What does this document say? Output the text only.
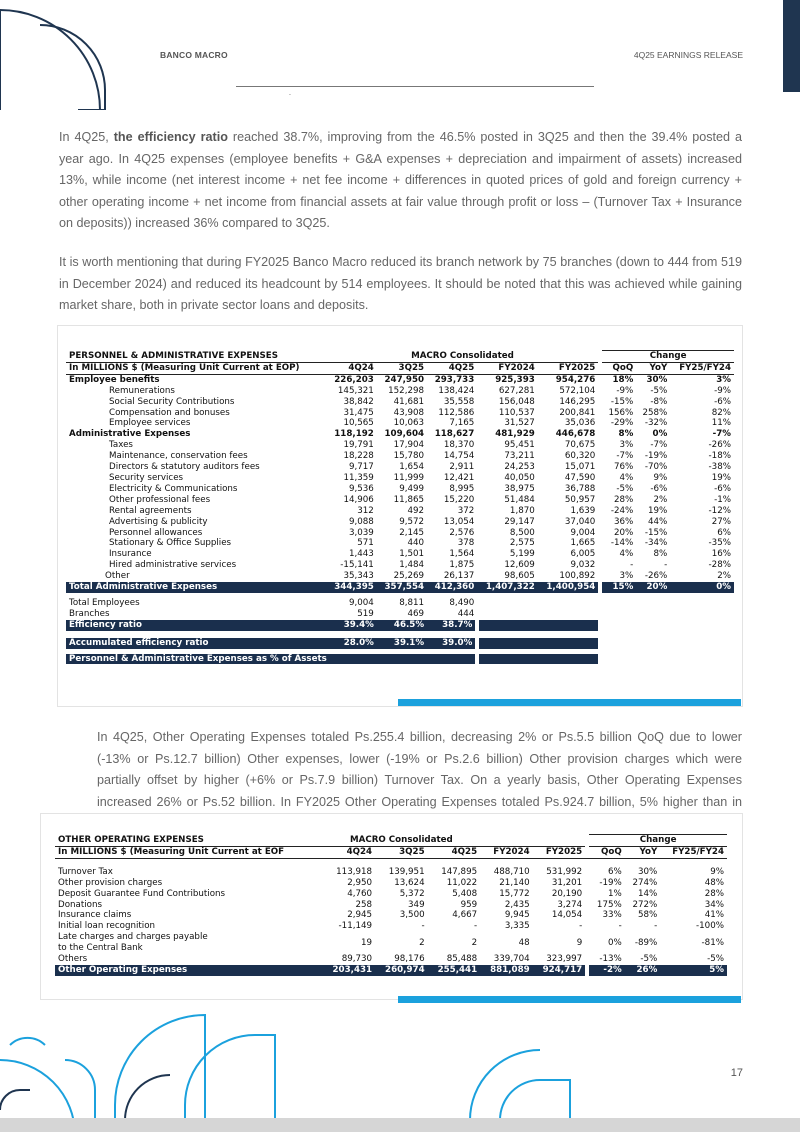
BANCO MACRO	4Q25 EARNINGS RELEASE
.
In 4Q25, the efficiency ratio reached 38.7%, improving from the 46.5% posted in 3Q25 and then the 39.4% posted a year ago. In 4Q25 expenses (employee benefits + G&A expenses + depreciation and impairment of assets) increased 13%, while income (net interest income + net fee income + differences in quoted prices of gold and foreign currency + other operating income + net income from financial assets at fair value through profit or loss – (Turnover Tax + Insurance on deposits)) increased 36% compared to 3Q25.
It is worth mentioning that during FY2025 Banco Macro reduced its branch network by 75 branches (down to 444 from 519 in December 2024) and reduced its headcount by 514 employees. It should be noted that this was achieved while gaining market share, both in private sector loans and deposits.
PERSONNEL & ADMINISTRATIVE EXPENSES	MACRO Consolidated						Change		
In MILLIONS $ (Measuring Unit Current at EOP)	4Q24	3Q25	4Q25	FY2024	FY2025		QoQ	YoY	FY25/FY24
Employee benefits	226,203	247,950	293,733	925,393	954,276		18%	30%	3%
Remunerations	145,321	152,298	138,424	627,281	572,104		-9%	-5%	-9%
Social Security Contributions	38,842	41,681	35,558	156,048	146,295		-15%	-8%	-6%
Compensation and bonuses	31,475	43,908	112,586	110,537	200,841		156%	258%	82%
Employee services	10,565	10,063	7,165	31,527	35,036		-29%	-32%	11%
Administrative Expenses	118,192	109,604	118,627	481,929	446,678		8%	0%	-7%
Taxes	19,791	17,904	18,370	95,451	70,675		3%	-7%	-26%
Maintenance, conservation fees	18,228	15,780	14,754	73,211	60,320		-7%	-19%	-18%
Directors & statutory auditors fees	9,717	1,654	2,911	24,253	15,071		76%	-70%	-38%
Security services	11,359	11,999	12,421	40,050	47,590		4%	9%	19%
Electricity & Communications	9,536	9,499	8,995	38,975	36,788		-5%	-6%	-6%
Other professional fees	14,906	11,865	15,220	51,484	50,957		28%	2%	-1%
Rental agreements	312	492	372	1,870	1,639		-24%	19%	-12%
Advertising & publicity	9,088	9,572	13,054	29,147	37,040		36%	44%	27%
Personnel allowances	3,039	2,145	2,576	8,500	9,004		20%	-15%	6%
Stationary & Office Supplies	571	440	378	2,575	1,665		-14%	-34%	-35%
Insurance	1,443	1,501	1,564	5,199	6,005		4%	8%	16%
Hired administrative services	-15,141	1,484	1,875	12,609	9,032		-	-	-28%
Other	35,343	25,269	26,137	98,605	100,892		3%	-26%	2%
Total Administrative Expenses	344,395	357,554	412,360	1,407,322	1,400,954		15%	20%	0%

Total Employees	9,004	8,811	8,490						
Branches	519	469	444						
Efficiency ratio	39.4%	46.5%	38.7%						

Accumulated efficiency ratio	28.0%	39.1%	39.0%						

Personnel & Administrative Expenses as % of Assets									
In 4Q25, Other Operating Expenses totaled Ps.255.4 billion, decreasing 2% or Ps.5.5 billion QoQ due to lower (-13% or Ps.12.7 billion) Other expenses, lower (-19% or Ps.2.6 billion) Other provision charges which were partially offset by higher (+6% or Ps.7.9 billion) Turnover Tax. On a yearly basis, Other Operating Expenses increased 26% or Ps.52 billion. In FY2025 Other Operating Expenses totaled Ps.924.7 billion, 5% higher than in
OTHER OPERATING EXPENSES	MACRO Consolidated						Change		
In MILLIONS $ (Measuring Unit Current at EOF	4Q24	3Q25	4Q25	FY2024	FY2025		QoQ	YoY	FY25/FY24

Turnover Tax	113,918	139,951	147,895	488,710	531,992		6%	30%	9%
Other provision charges	2,950	13,624	11,022	21,140	31,201		-19%	274%	48%
Deposit Guarantee Fund Contributions	4,760	5,372	5,408	15,772	20,190		1%	14%	28%
Donations	258	349	959	2,435	3,274		175%	272%	34%
Insurance claims	2,945	3,500	4,667	9,945	14,054		33%	58%	41%
Initial loan recognition	-11,149	-	-	3,335	-		-	-	-100%

Late charges and charges payable
to the Central Bank	19	2	2	48	9		0%	-89%	-81%
Others	89,730	98,176	85,488	339,704	323,997		-13%	-5%	-5%
Other Operating Expenses	203,431	260,974	255,441	881,089	924,717		-2%	26%	5%
17
